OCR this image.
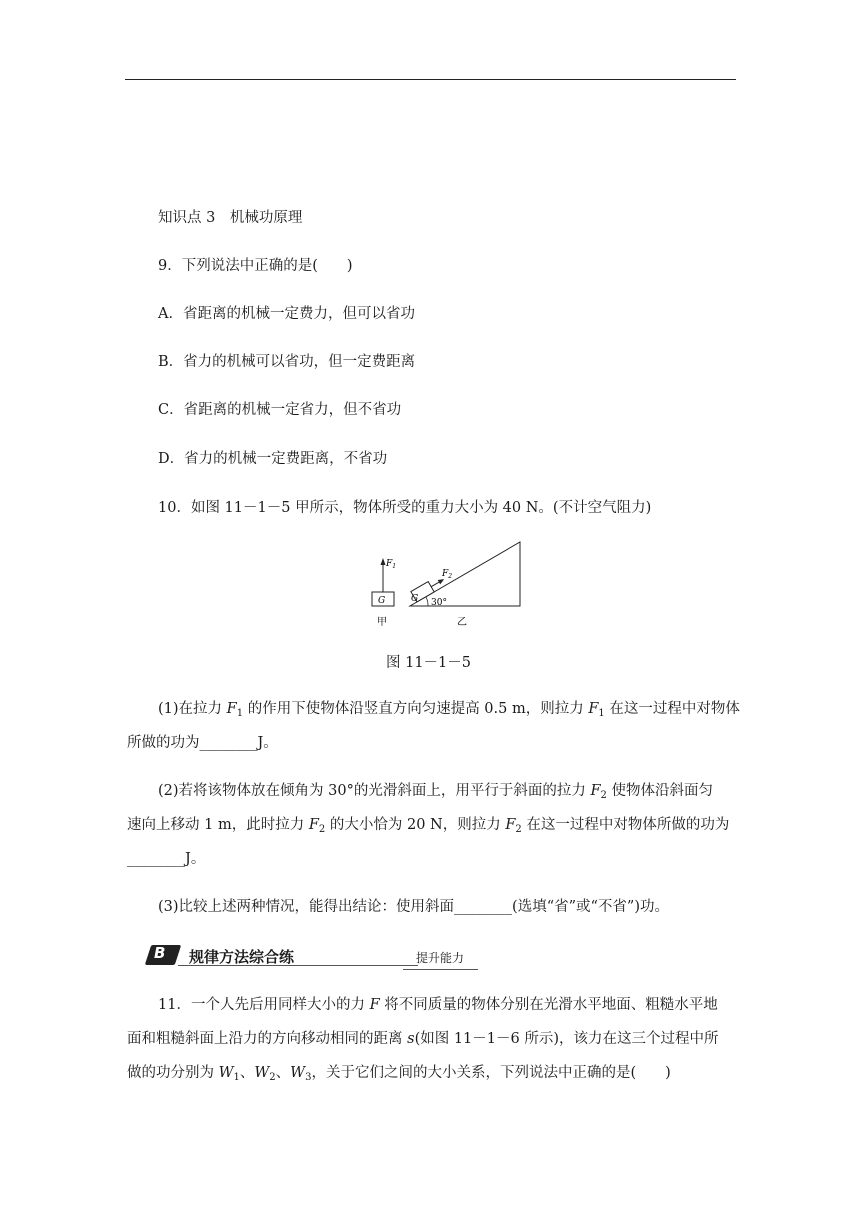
知识点 3　机械功原理
9．下列说法中正确的是(　　)
A．省距离的机械一定费力，但可以省功
B．省力的机械可以省功，但一定费距离
C．省距离的机械一定省力，但不省功
D．省力的机械一定费距离，不省功
10．如图 11－1－5 甲所示，物体所受的重力大小为 40 N。(不计空气阻力)
G
$F_1$
G
$F_2$
30°
甲	乙
图 11－1－5
(1)在拉力 $F_1$ 的作用下使物体沿竖直方向匀速提高 0.5 m，则拉力 $F_1$ 在这一过程中对物体
所做的功为________J。
(2)若将该物体放在倾角为 30°的光滑斜面上，用平行于斜面的拉力 $F_2$ 使物体沿斜面匀
速向上移动 1 m，此时拉力 $F_2$ 的大小恰为 20 N，则拉力 $F_2$ 在这一过程中对物体所做的功为
________J。
(3)比较上述两种情况，能得出结论：使用斜面________(选填“省”或“不省”)功。
B 规律方法综合练	提升能力
11．一个人先后用同样大小的力 F 将不同质量的物体分别在光滑水平地面、粗糙水平地
面和粗糙斜面上沿力的方向移动相同的距离 s(如图 11－1－6 所示)，该力在这三个过程中所
做的功分别为 $W_1$、$W_2$、$W_3$，关于它们之间的大小关系，下列说法中正确的是(　　)
